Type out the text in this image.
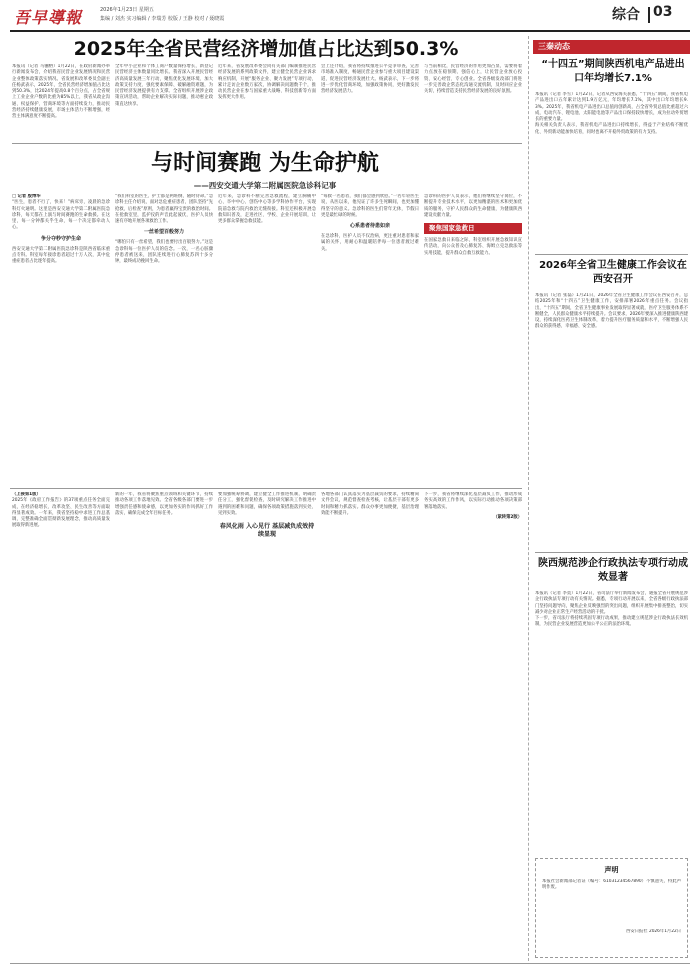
吾早導報	2026年1月23日 星期五
集编 / 刘杰 实习编辑 / 李瑞芳 校版 / 王静 校对 / 聂晓霞	综合 03
2025年全省民营经济增加值占比达到50.3%
本报讯（记者 马骊榕）1月22日，在政府新闻办举行新闻发布会，介绍我省民营企业发展情况和民营企业整体政策落实情况。省发展和改革委员会副主任杨武表示，2025年，全省民营经济增加值占比达到50.3%，比2024年提高0.8个百分点，占全省规上工业企业户数的比重为85%以上，我省从政企沟通、权益保护、营商环境等方面持续发力，推动民营经济持续健康发展，市场主体活力不断增强，经营主体满意度不断提高。
全年中小企业和个体工商户数量保持增长，新登记民营经济主体数量同比增长。我省深入开展民营经济高质量发展三年行动，聚焦优化发展环境、加大政策支持力度、强化要素保障、破解融资难题，为民营经济发展提供有力支撑。全省组织开展涉企政策宣讲活动，帮助企业解决实际问题，推动惠企政策直达快享。
近年来，省发展改革委会同有关部门编制推进民营经济发展的系列政策文件，建立健全民营企业诉求响应机制，开展“服务企业、聚力发展”专项行动，累计走访企业数万家次，协调解决问题数千个，推动民营企业在参与国家重大战略、科技创新等方面发挥更大作用。
会上还介绍，我省将持续推进公平竞争审查，完善市场准入制度，畅通民营企业参与重大项目建设渠道，促进民营经济发展壮大。杨武表示，下一步将进一步优化营商环境，加强政策协同，更好激发民营经济发展活力。
与当前相比，民营经济的作用更加凸显，需要将着力点放在稳预期、强信心上，让民营企业放心投资、安心经营、专心创业。全省各级发改部门将进一步完善政企常态化沟通交流机制，及时回应企业关切，持续营造支持民营经济发展的良好氛围。
与时间赛跑 为生命护航
——西安交通大学第二附属医院急诊科记事
□ 记者 殷博华
“医生，患者不行了，快来！”病床旁，凌晨的急诊科灯火通明。这里是西安交通大学第二附属医院急诊科，每天都在上演与时间赛跑的生命救援。在这里，每一分钟都关乎生命，每一个决定都牵动人心。
争分夺秒守护生命
西安交通大学第二附属医院急诊科是陕西省临床重点专科。科室每年接诊患者超过十万人次，其中危重症患者占比逐年提高。
“我们科室的医生、护士都是两班倒，随时待命。”急诊科主任介绍说，面对急危重症患者，团队坚持“先抢救、后检查”原则，为患者赢得宝贵的救治时间。在抢救室里，监护仪的声音此起彼伏，医护人员快速有序地开展各项救治工作。
一丝希望百般努力
“哪怕只有一丝希望，我们也要付出百般努力。”这是急诊科每一位医护人员的信念。一次，一名心脏骤停患者被送来，团队连续进行心肺复苏四十多分钟，最终成功挽回生命。
近年来，急诊科不断完善急救流程，建立胸痛中心、卒中中心、创伤中心等多学科协作平台，实现院前急救与院内救治无缝衔接。科室还积极开展急救知识普及，走进社区、学校、企业开展培训，让更多群众掌握急救技能。
“每救一名患者，我们都会感到欣慰。”一名年轻医生说，从医以来，他见证了许多生死瞬间，也更加懂得坚守的意义。急诊科的医生们常年无休，节假日更是最忙碌的时候。
心系患者待患如亲
在急诊科，医护人员不仅治病，更注重对患者和家属的关怀，用耐心和温暖陪伴每一位患者渡过难关。
急诊科的医护人员表示，他们将继续坚守岗位，不断提升专业技术水平，以更加精湛的医术和更加优质的服务，守护人民群众的生命健康，为健康陕西建设贡献力量。
聚焦国家急救日
在国家急救日来临之际，科室组织开展急救知识宣传活动，向公众普及心肺复苏、海姆立克急救法等实用技能，提升群众自救互救能力。
（上接第1版）
2025年《政府工作报告》的37项重点任务全面完成，在经济稳增长、改革攻坚、民生改善等方面取得显著成效。一年来，我省坚持稳中求进工作总基调，完整准确全面贯彻新发展理念，推动高质量发展取得新进展。
新的一年，我省将聚焦重点领域和关键环节，持续推动各项工作落地见效。全省各级各部门要进一步增强责任感和使命感，以更加务实的作风抓好工作落实，确保完成全年目标任务。
要加强统筹协调，建立健全工作推进机制，明确责任分工，强化督促检查，及时研究解决工作推进中遇到的困难和问题，确保各项政策措施落到实处、见到实效。
春风化雨 入心见行 基层减负成效持续显现
各地各部门认真落实为基层减负的要求，持续精简文件会议，规范督查检查考核，让基层干部有更多时间和精力抓落实。群众办事更加便捷，基层治理效能不断提升。
下一步，我省将继续深化基层减负工作，推动形成务实高效的工作作风，以实际行动推动各项决策部署落地落实。
（紧转第2版）
三秦动态
“十四五”期间陕西机电产品进出口年均增长7.1%
本报讯（记者 李雪）1月22日，记者从西安海关获悉，“十四五”期间，我省机电产品进出口五年累计达到1.9万亿元，年均增长7.1%，其中出口年均增长9.3%。2025年，我省机电产品进出口总值再创新高，占全省外贸总值比重超过六成，电动汽车、锂电池、太阳能电池等产品出口保持较快增长，成为拉动外贸增长的重要力量。
海关相关负责人表示，我省机电产品进出口持续增长，得益于产业结构不断优化、外贸新动能加快培育，同时也离不开稳外贸政策的有力支持。
2026年全省卫生健康工作会议在西安召开
本报讯（记者 张磊）1月21日，2026年全省卫生健康工作会议在西安召开，总结2025年和“十四五”卫生健康工作，安排部署2026年重点任务。会议指出，“十四五”期间，全省卫生健康事业发展取得显著成就，医疗卫生服务体系不断健全，人民群众健康水平持续提升。会议要求，2026年要深入推进健康陕西建设，持续深化医药卫生体制改革，着力提升医疗服务质量和水平，不断增强人民群众的获得感、幸福感、安全感。
陕西规范涉企行政执法专项行动成效显著
本报讯（记者 李莫）1月22日，省司法厅举行新闻发布会，通报全省开展规范涉企行政执法专项行动有关情况。据悉，专项行动开展以来，全省各级行政执法部门坚持问题导向，聚焦企业反映强烈的突出问题，组织开展集中排查整治，切实减少对企业正常生产经营活动的干扰。
下一步，省司法厅将持续巩固专项行动成果，推动建立规范涉企行政执法长效机制，为民营企业发展营造更加公平公正的法治环境。
声明
本报社会新闻部记者证（编号：61031234567890）不慎遗失，特此声明作废。
西安日报社 2026年1月22日
